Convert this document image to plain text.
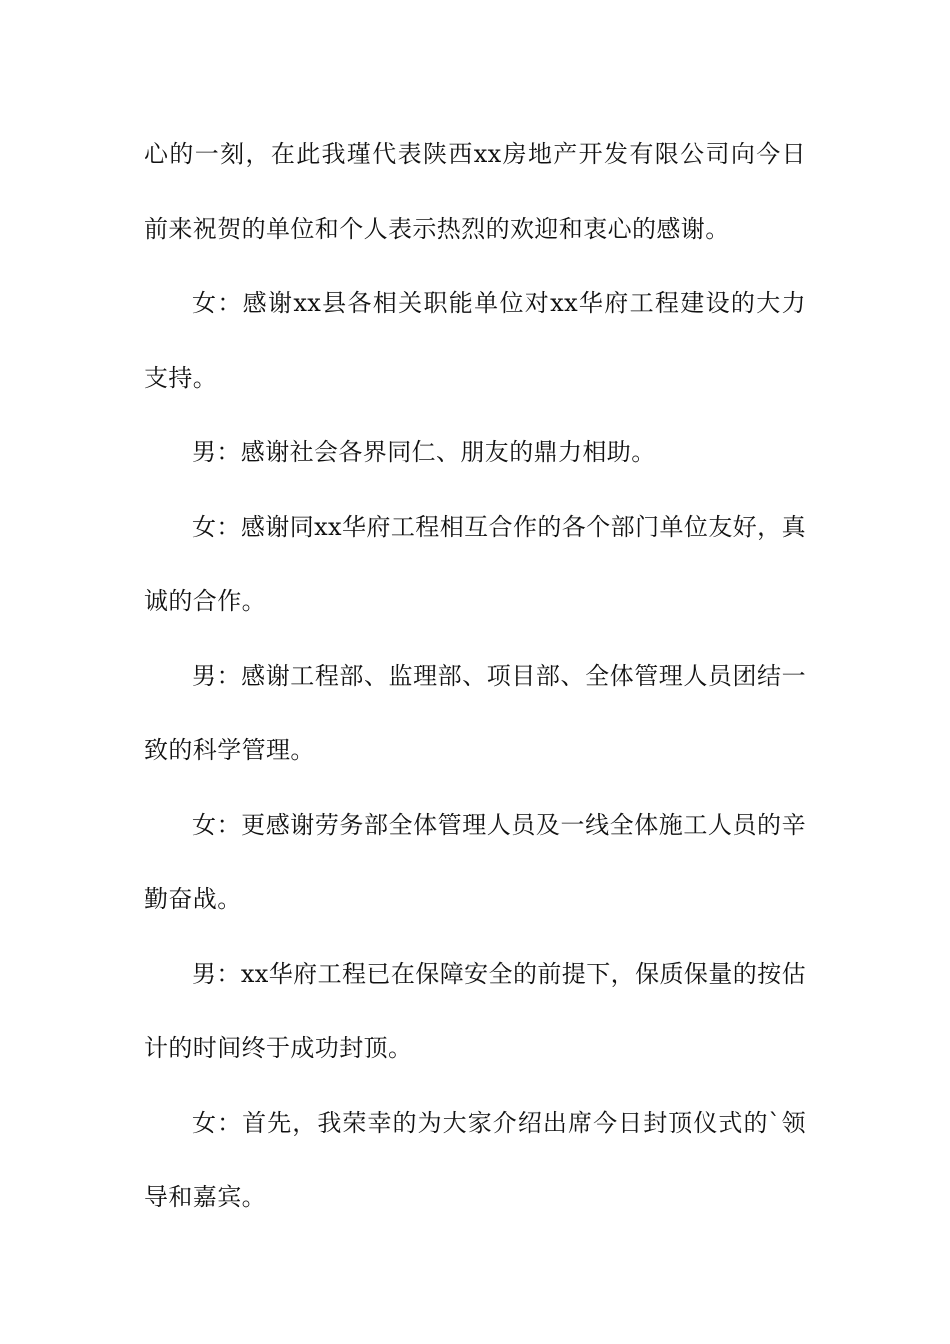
心的一刻，在此我瑾代表陕西xx房地产开发有限公司向今日前来祝贺的单位和个人表示热烈的欢迎和衷心的感谢。

女：感谢xx县各相关职能单位对xx华府工程建设的大力支持。

男：感谢社会各界同仁、朋友的鼎力相助。

女：感谢同xx华府工程相互合作的各个部门单位友好，真诚的合作。

男：感谢工程部、监理部、项目部、全体管理人员团结一致的科学管理。

女：更感谢劳务部全体管理人员及一线全体施工人员的辛勤奋战。

男：xx华府工程已在保障安全的前提下，保质保量的按估计的时间终于成功封顶。

女：首先，我荣幸的为大家介绍出席今日封顶仪式的`领导和嘉宾。
